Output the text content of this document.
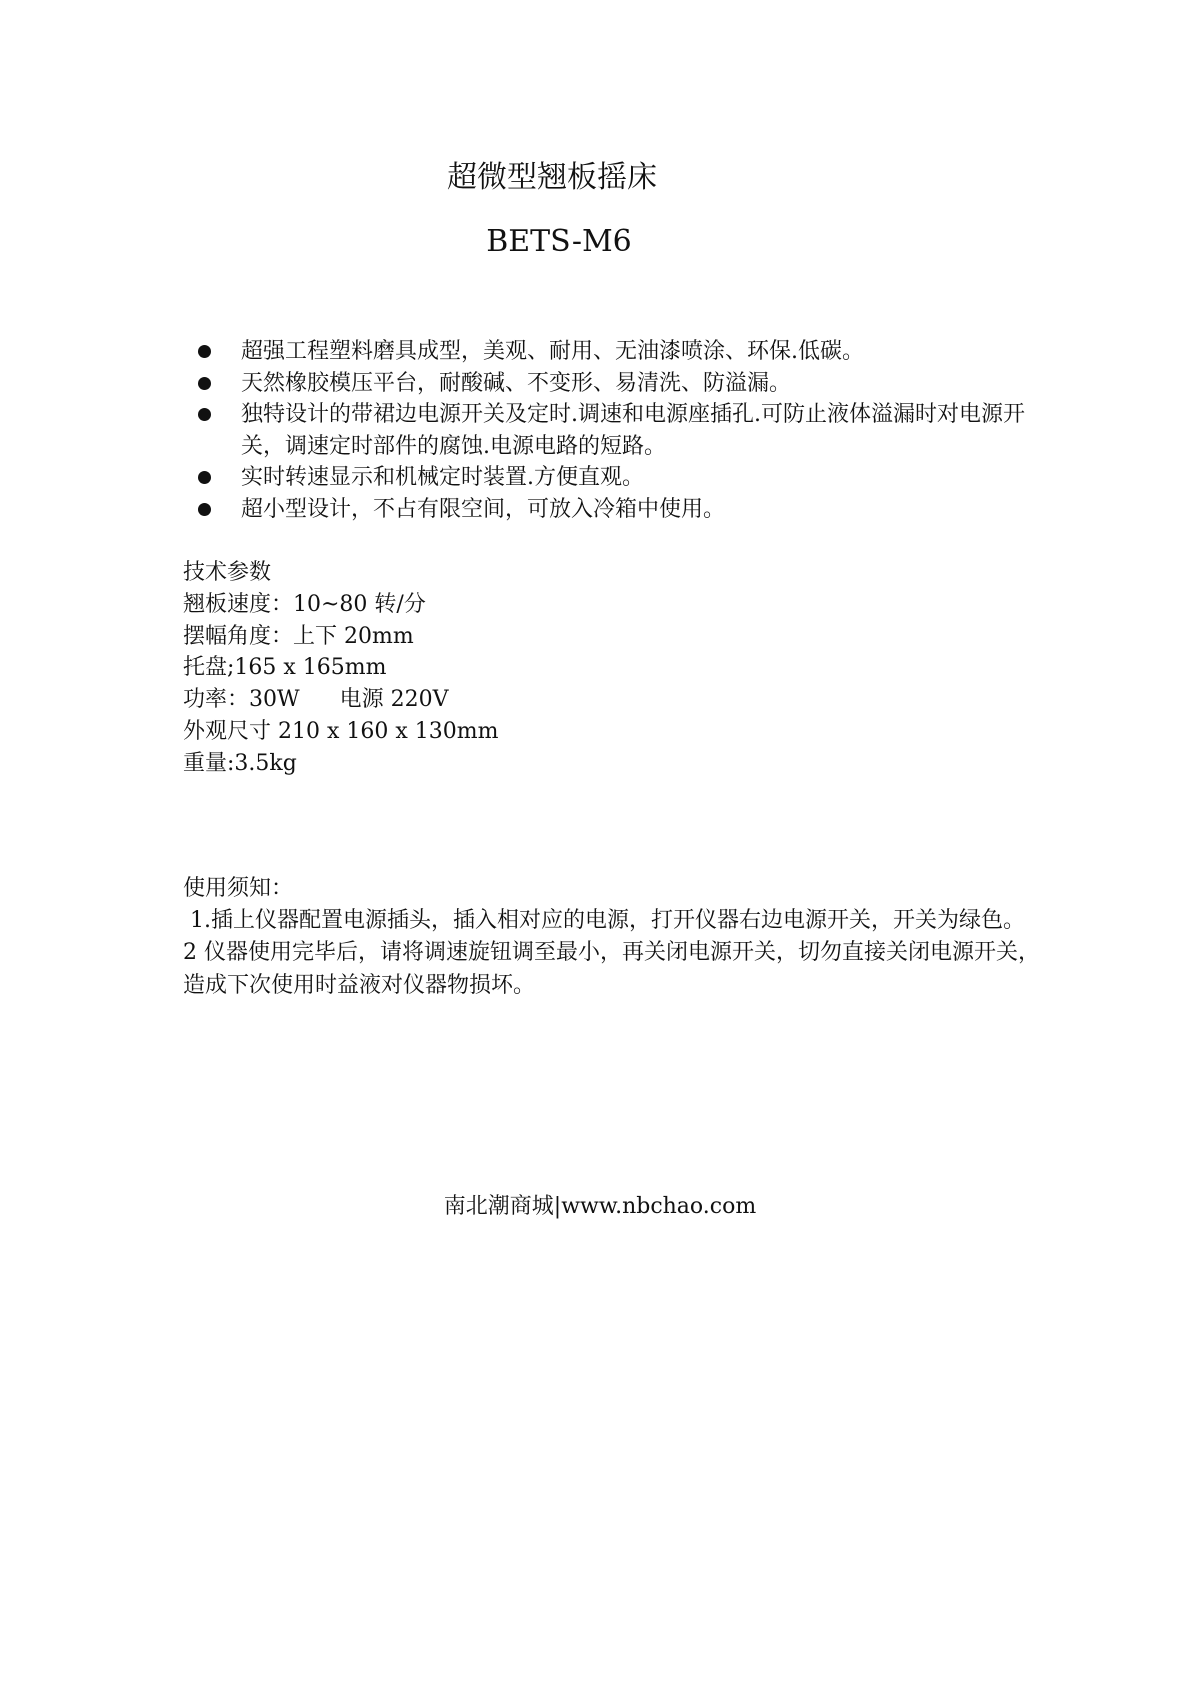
超微型翘板摇床
BETS-M6
超强工程塑料磨具成型，美观、耐用、无油漆喷涂、环保.低碳。
天然橡胶模压平台，耐酸碱、不变形、易清洗、防溢漏。
独特设计的带裙边电源开关及定时.调速和电源座插孔.可防止液体溢漏时对电源开关，调速定时部件的腐蚀.电源电路的短路。
实时转速显示和机械定时装置.方便直观。
超小型设计，不占有限空间，可放入冷箱中使用。
技术参数
翘板速度：10~80 转/分
摆幅角度：上下 20mm
托盘;165 x 165mm
功率：30W 电源 220V
外观尺寸 210 x 160 x 130mm
重量:3.5kg
使用须知：
1.插上仪器配置电源插头，插入相对应的电源，打开仪器右边电源开关，开关为绿色。
2 仪器使用完毕后，请将调速旋钮调至最小，再关闭电源开关，切勿直接关闭电源开关，造成下次使用时益液对仪器物损坏。
南北潮商城|www.nbchao.com
